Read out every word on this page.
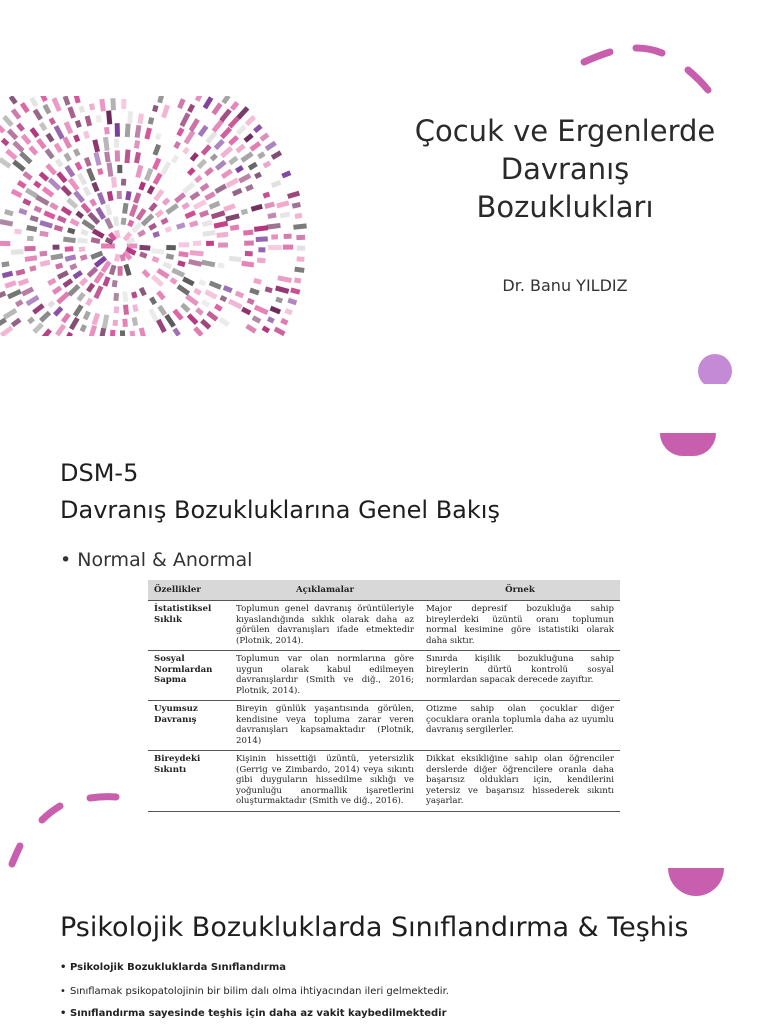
Çocuk ve Ergenlerde
Davranış
Bozuklukları
Dr. Banu YILDIZ
DSM-5
Davranış Bozukluklarına Genel Bakış
• Normal & Anormal
Özellikler	Açıklamalar	Örnek
İstatistiksel Sıklık	Toplumun genel davranış örüntüleriyle kıyaslandığında sıklık olarak daha az görülen davranışları ifade etmektedir (Plotnik, 2014).	Major depresif bozukluğa sahip bireylerdeki üzüntü oranı toplumun normal kesimine göre istatistiki olarak daha sıktır.
Sosyal Normlardan Sapma	Toplumun var olan normlarına göre uygun olarak kabul edilmeyen davranışlardır (Smith ve diğ., 2016; Plotnik, 2014).	Sınırda kişilik bozukluğuna sahip bireylerin dürtü kontrolü sosyal normlardan sapacak derecede zayıftır.
Uyumsuz Davranış	Bireyin günlük yaşantısında görülen, kendisine veya topluma zarar veren davranışları kapsamaktadır (Plotnik, 2014)	Otizme sahip olan çocuklar diğer çocuklara oranla toplumla daha az uyumlu davranış sergilerler.
Bireydeki Sıkıntı	Kişinin hissettiği üzüntü, yetersizlik (Gerrig ve Zimbardo, 2014) veya sıkıntı gibi duyguların hissedilme sıklığı ve yoğunluğu anormallik işaretlerini oluşturmaktadır (Smith ve diğ., 2016).	Dikkat eksikliğine sahip olan öğrenciler derslerde diğer öğrencilere oranla daha başarısız oldukları için, kendilerini yetersiz ve başarısız hissederek sıkıntı yaşarlar.
Psikolojik Bozukluklarda Sınıflandırma & Teşhis
• Psikolojik Bozukluklarda Sınıflandırma
• Sınıflamak psikopatolojinin bir bilim dalı olma ihtiyacından ileri gelmektedir.
• Sınıflandırma sayesinde teşhis için daha az vakit kaybedilmektedir
